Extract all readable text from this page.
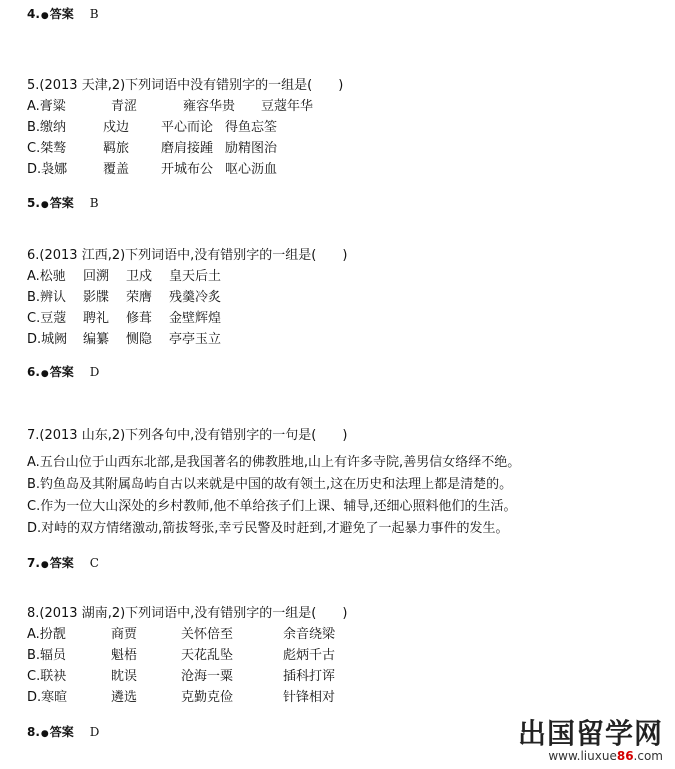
4.●答案 B
5.(2013 天津,2)下列词语中没有错别字的一组是(　　)
A.膏粱	青涩	雍容华贵 豆蔻年华
B.缴纳	戍边 平心而论 得鱼忘筌
C.桀骜	羁旅 磨肩接踵 励精图治
D.袅娜	覆盖 开城布公 呕心沥血
5.●答案 B
6.(2013 江西,2)下列词语中,没有错别字的一组是(　　)
A.松驰 回溯 卫戍 皇天后土
B.辨认 影牒 荣膺 残羹冷炙
C.豆蔻 聘礼 修葺 金壁辉煌
D.城阙 编纂 恻隐 亭亭玉立
6.●答案 D
7.(2013 山东,2)下列各句中,没有错别字的一句是(　　)
A.五台山位于山西东北部,是我国著名的佛教胜地,山上有许多寺院,善男信女络绎不绝。
B.钓鱼岛及其附属岛屿自古以来就是中国的故有领土,这在历史和法理上都是清楚的。
C.作为一位大山深处的乡村教师,他不单给孩子们上课、辅导,还细心照料他们的生活。
D.对峙的双方情绪激动,箭拔弩张,幸亏民警及时赶到,才避免了一起暴力事件的发生。
7.●答案 C
8.(2013 湖南,2)下列词语中,没有错别字的一组是(　　)
A.扮靓	商贾	关怀倍至	余音绕梁
B.辐员	魁梧	天花乱坠	彪炳千古
C.联袂	眈误	沧海一粟	插科打诨
D.寒暄	遴选	克勤克俭	针锋相对
8.●答案 D	出国留学网
www.liuxue86.com
